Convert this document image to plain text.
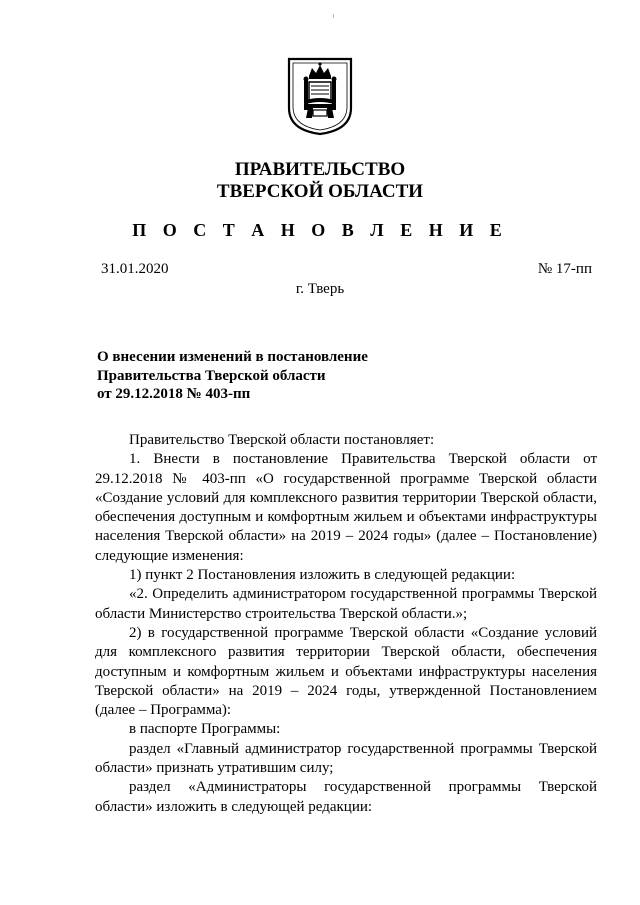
ПРАВИТЕЛЬСТВО
ТВЕРСКОЙ ОБЛАСТИ
П О С Т А Н О В Л Е Н И Е
31.01.2020	№ 17-пп
г. Тверь
О внесении изменений в постановление
Правительства Тверской области
от 29.12.2018 № 403-пп

Правительство Тверской области постановляет:

1. Внести в постановление Правительства Тверской области от 29.12.2018 № 403-пп «О государственной программе Тверской области «Создание условий для комплексного развития территории Тверской области, обеспечения доступным и комфортным жильем и объектами инфраструктуры населения Тверской области» на 2019 – 2024 годы» (далее – Постановление) следующие изменения:

1) пункт 2 Постановления изложить в следующей редакции:

«2. Определить администратором государственной программы Тверской области Министерство строительства Тверской области.»;

2) в государственной программе Тверской области «Создание условий для комплексного развития территории Тверской области, обеспечения доступным и комфортным жильем и объектами инфраструктуры населения Тверской области» на 2019 – 2024 годы, утвержденной Постановлением (далее – Программа):

в паспорте Программы:

раздел «Главный администратор государственной программы Тверской области» признать утратившим силу;

раздел «Администраторы государственной программы Тверской области» изложить в следующей редакции:
